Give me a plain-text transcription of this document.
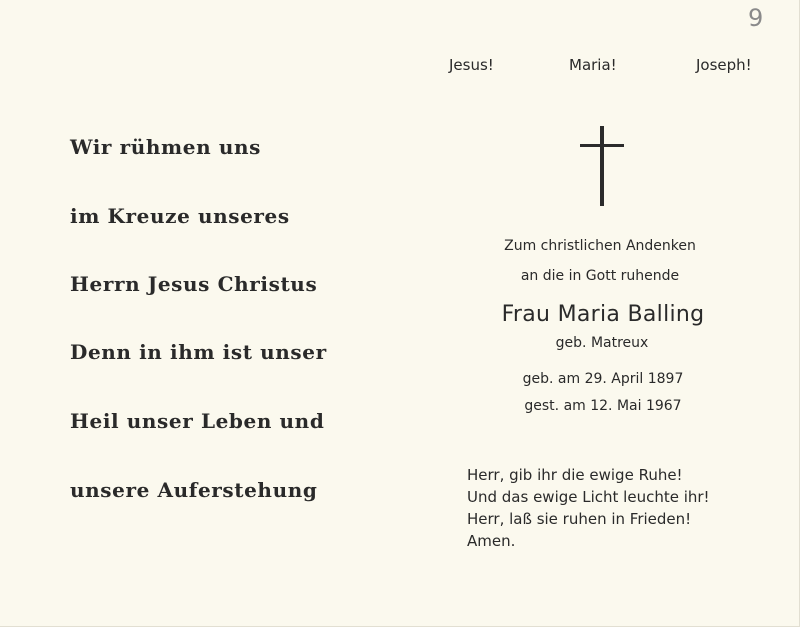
9
Wir rühmen uns
im Kreuze unseres
Herrn Jesus Christus
Denn in ihm ist unser
Heil unser Leben und
unsere Auferstehung
Jesus!	Maria!	Joseph!
Zum christlichen Andenken
an die in Gott ruhende
Frau Maria Balling
geb. Matreux
geb. am 29. April 1897
gest. am 12. Mai 1967
Herr, gib ihr die ewige Ruhe!
Und das ewige Licht leuchte ihr!
Herr, laß sie ruhen in Frieden!
Amen.
